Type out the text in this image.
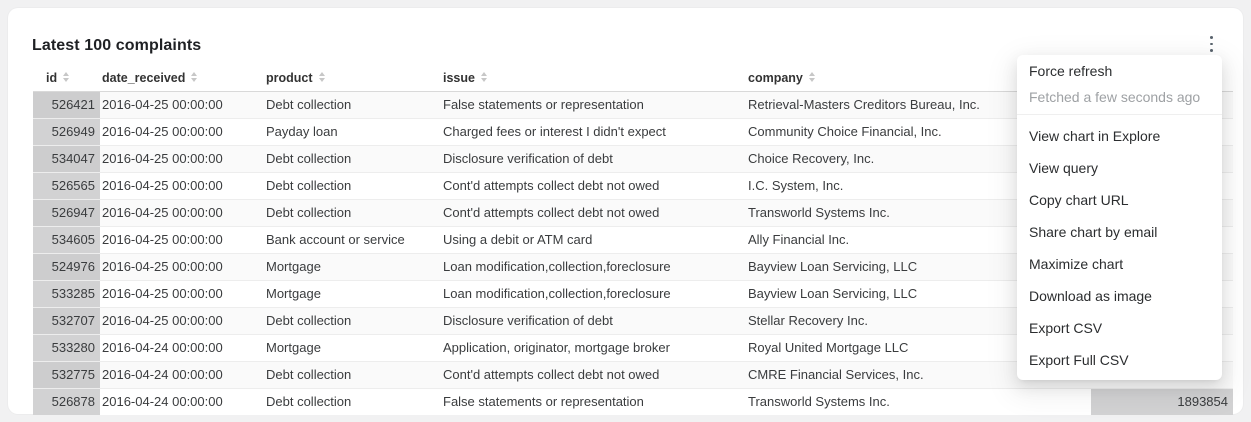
Latest 100 complaints
id	date_received	product	issue	company

526421	2016-04-25 00:00:00	Debt collection	False statements or representation	Retrieval-Masters Creditors Bureau, Inc.	
526949	2016-04-25 00:00:00	Payday loan	Charged fees or interest I didn't expect	Community Choice Financial, Inc.	
534047	2016-04-25 00:00:00	Debt collection	Disclosure verification of debt	Choice Recovery, Inc.	
526565	2016-04-25 00:00:00	Debt collection	Cont'd attempts collect debt not owed	I.C. System, Inc.	
526947	2016-04-25 00:00:00	Debt collection	Cont'd attempts collect debt not owed	Transworld Systems Inc.	
534605	2016-04-25 00:00:00	Bank account or service	Using a debit or ATM card	Ally Financial Inc.	
524976	2016-04-25 00:00:00	Mortgage	Loan modification,collection,foreclosure	Bayview Loan Servicing, LLC	
533285	2016-04-25 00:00:00	Mortgage	Loan modification,collection,foreclosure	Bayview Loan Servicing, LLC	
532707	2016-04-25 00:00:00	Debt collection	Disclosure verification of debt	Stellar Recovery Inc.	
533280	2016-04-24 00:00:00	Mortgage	Application, originator, mortgage broker	Royal United Mortgage LLC	
532775	2016-04-24 00:00:00	Debt collection	Cont'd attempts collect debt not owed	CMRE Financial Services, Inc.	
526878	2016-04-24 00:00:00	Debt collection	False statements or representation	Transworld Systems Inc.	1893854
Force refresh
Fetched a few seconds ago
View chart in Explore
View query
Copy chart URL
Share chart by email
Maximize chart
Download as image
Export CSV
Export Full CSV
